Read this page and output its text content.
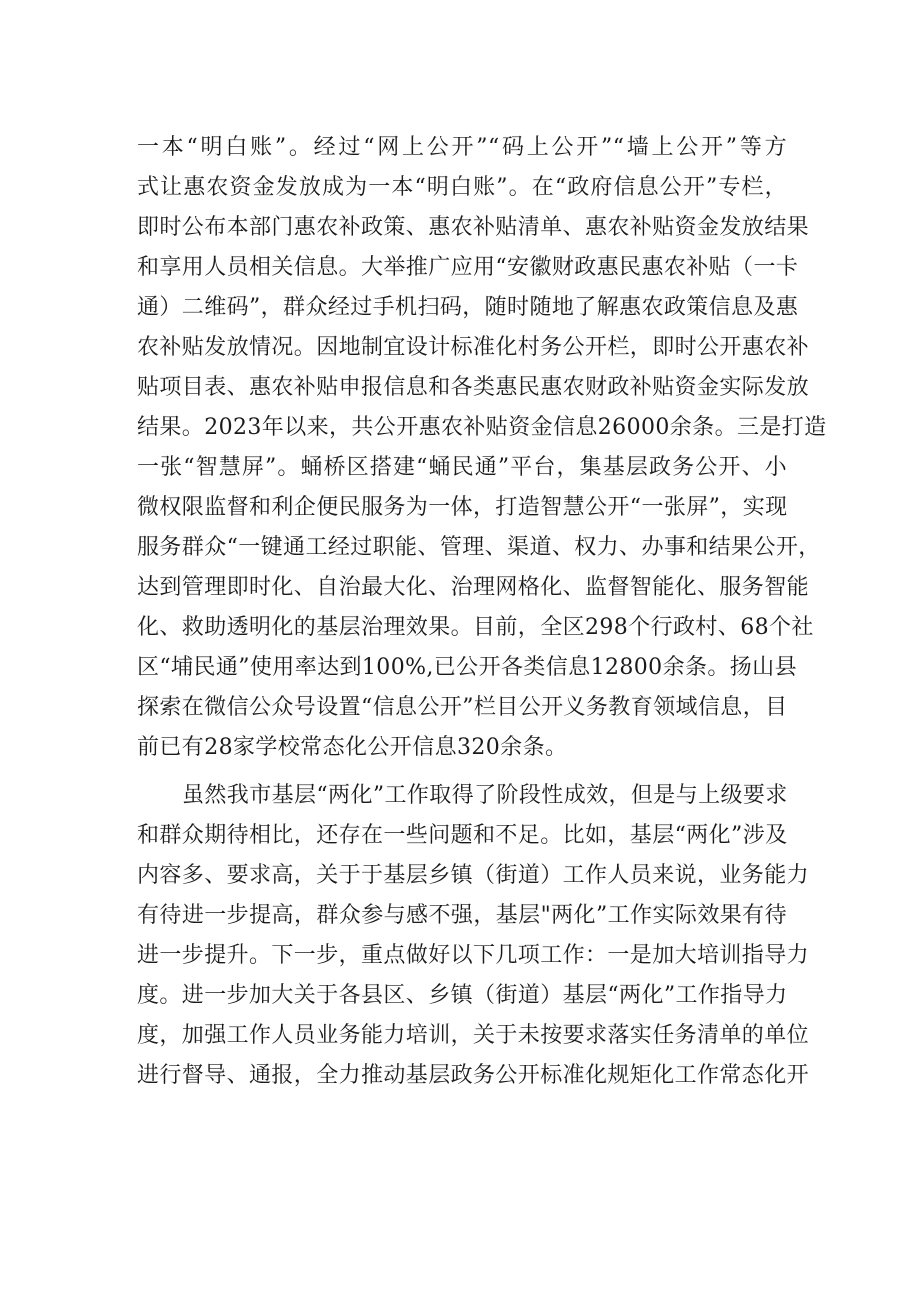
一本“明白账”。经过“网上公开”“码上公开”“墙上公开”等方
式让惠农资金发放成为一本“明白账”。在“政府信息公开”专栏，
即时公布本部门惠农补政策、惠农补贴清单、惠农补贴资金发放结果
和享用人员相关信息。大举推广应用“安徽财政惠民惠农补贴（一卡
通）二维码”，群众经过手机扫码，随时随地了解惠农政策信息及惠
农补贴发放情况。因地制宜设计标准化村务公开栏，即时公开惠农补
贴项目表、惠农补贴申报信息和各类惠民惠农财政补贴资金实际发放
结果。2023年以来，共公开惠农补贴资金信息26000余条。三是打造
一张“智慧屏”。蛹桥区搭建“蛹民通”平台，集基层政务公开、小
微权限监督和利企便民服务为一体，打造智慧公开“一张屏”，实现
服务群众“一键通工经过职能、管理、渠道、权力、办事和结果公开，
达到管理即时化、自治最大化、治理网格化、监督智能化、服务智能
化、救助透明化的基层治理效果。目前，全区298个行政村、68个社
区“埔民通”使用率达到100%,已公开各类信息12800余条。扬山县
探索在微信公众号设置“信息公开”栏目公开义务教育领域信息，目
前已有28家学校常态化公开信息320余条。
虽然我市基层“两化”工作取得了阶段性成效，但是与上级要求
和群众期待相比，还存在一些问题和不足。比如，基层“两化”涉及
内容多、要求高，关于于基层乡镇（街道）工作人员来说，业务能力
有待进一步提高，群众参与感不强，基层"两化”工作实际效果有待
进一步提升。下一步，重点做好以下几项工作：一是加大培训指导力
度。进一步加大关于各县区、乡镇（街道）基层“两化”工作指导力
度，加强工作人员业务能力培训，关于未按要求落实任务清单的单位
进行督导、通报，全力推动基层政务公开标准化规矩化工作常态化开
